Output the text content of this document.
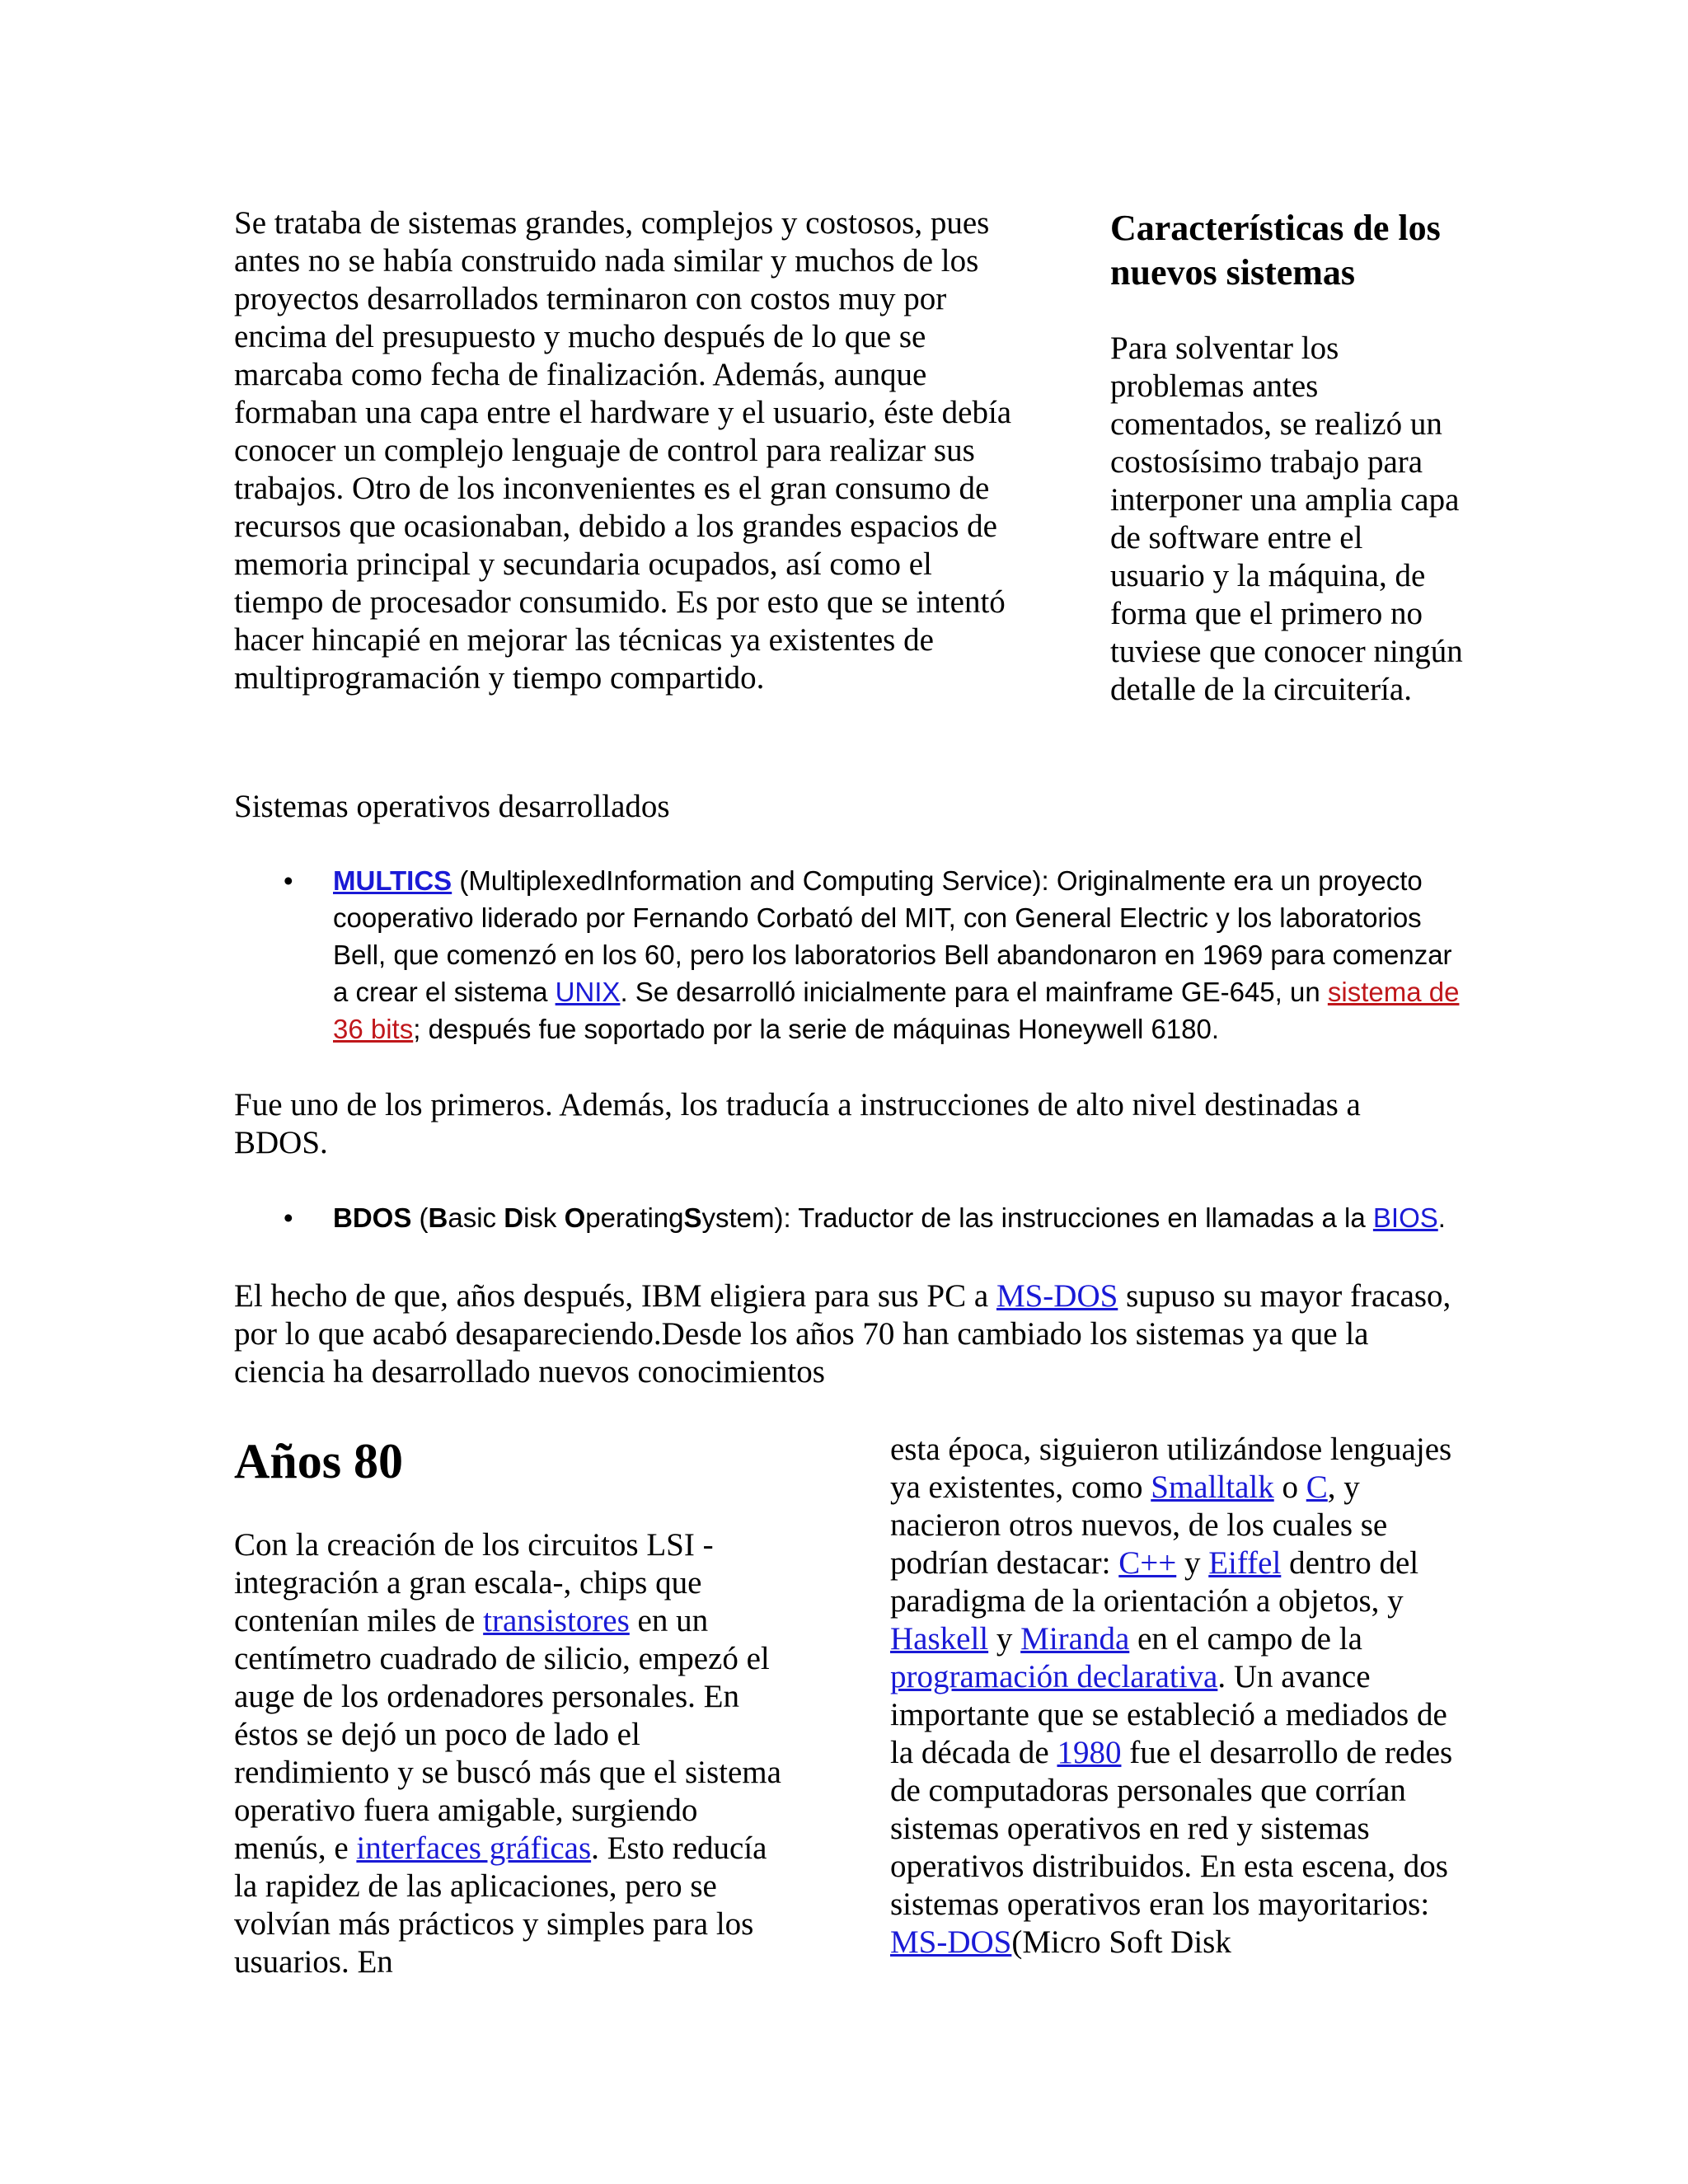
Se trataba de sistemas grandes, complejos y costosos, pues antes no se había construido nada similar y muchos de los proyectos desarrollados terminaron con costos muy por encima del presupuesto y mucho después de lo que se marcaba como fecha de finalización. Además, aunque formaban una capa entre el hardware y el usuario, éste debía conocer un complejo lenguaje de control para realizar sus trabajos. Otro de los inconvenientes es el gran consumo de recursos que ocasionaban, debido a los grandes espacios de memoria principal y secundaria ocupados, así como el tiempo de procesador consumido. Es por esto que se intentó hacer hincapié en mejorar las técnicas ya existentes de multiprogramación y tiempo compartido.

Características de los nuevos sistemas

Para solventar los problemas antes comentados, se realizó un costosísimo trabajo para interponer una amplia capa de software entre el usuario y la máquina, de forma que el primero no tuviese que conocer ningún detalle de la circuitería.

Sistemas operativos desarrollados

• MULTICS (MultiplexedInformation and Computing Service): Originalmente era un proyecto cooperativo liderado por Fernando Corbató del MIT, con General Electric y los laboratorios Bell, que comenzó en los 60, pero los laboratorios Bell abandonaron en 1969 para comenzar a crear el sistema UNIX. Se desarrolló inicialmente para el mainframe GE-645, un sistema de 36 bits; después fue soportado por la serie de máquinas Honeywell 6180.

Fue uno de los primeros. Además, los traducía a instrucciones de alto nivel destinadas a BDOS.

• BDOS (Basic Disk OperatingSystem): Traductor de las instrucciones en llamadas a la BIOS.

El hecho de que, años después, IBM eligiera para sus PC a MS-DOS supuso su mayor fracaso, por lo que acabó desapareciendo.Desde los años 70 han cambiado los sistemas ya que la ciencia ha desarrollado nuevos conocimientos

Años 80

Con la creación de los circuitos LSI -integración a gran escala-, chips que contenían miles de transistores en un centímetro cuadrado de silicio, empezó el auge de los ordenadores personales. En éstos se dejó un poco de lado el rendimiento y se buscó más que el sistema operativo fuera amigable, surgiendo menús, e interfaces gráficas. Esto reducía la rapidez de las aplicaciones, pero se volvían más prácticos y simples para los usuarios. En

esta época, siguieron utilizándose lenguajes ya existentes, como Smalltalk o C, y nacieron otros nuevos, de los cuales se podrían destacar: C++ y Eiffel dentro del paradigma de la orientación a objetos, y Haskell y Miranda en el campo de la programación declarativa. Un avance importante que se estableció a mediados de la década de 1980 fue el desarrollo de redes de computadoras personales que corrían sistemas operativos en red y sistemas operativos distribuidos. En esta escena, dos sistemas operativos eran los mayoritarios: MS-DOS(Micro Soft Disk
